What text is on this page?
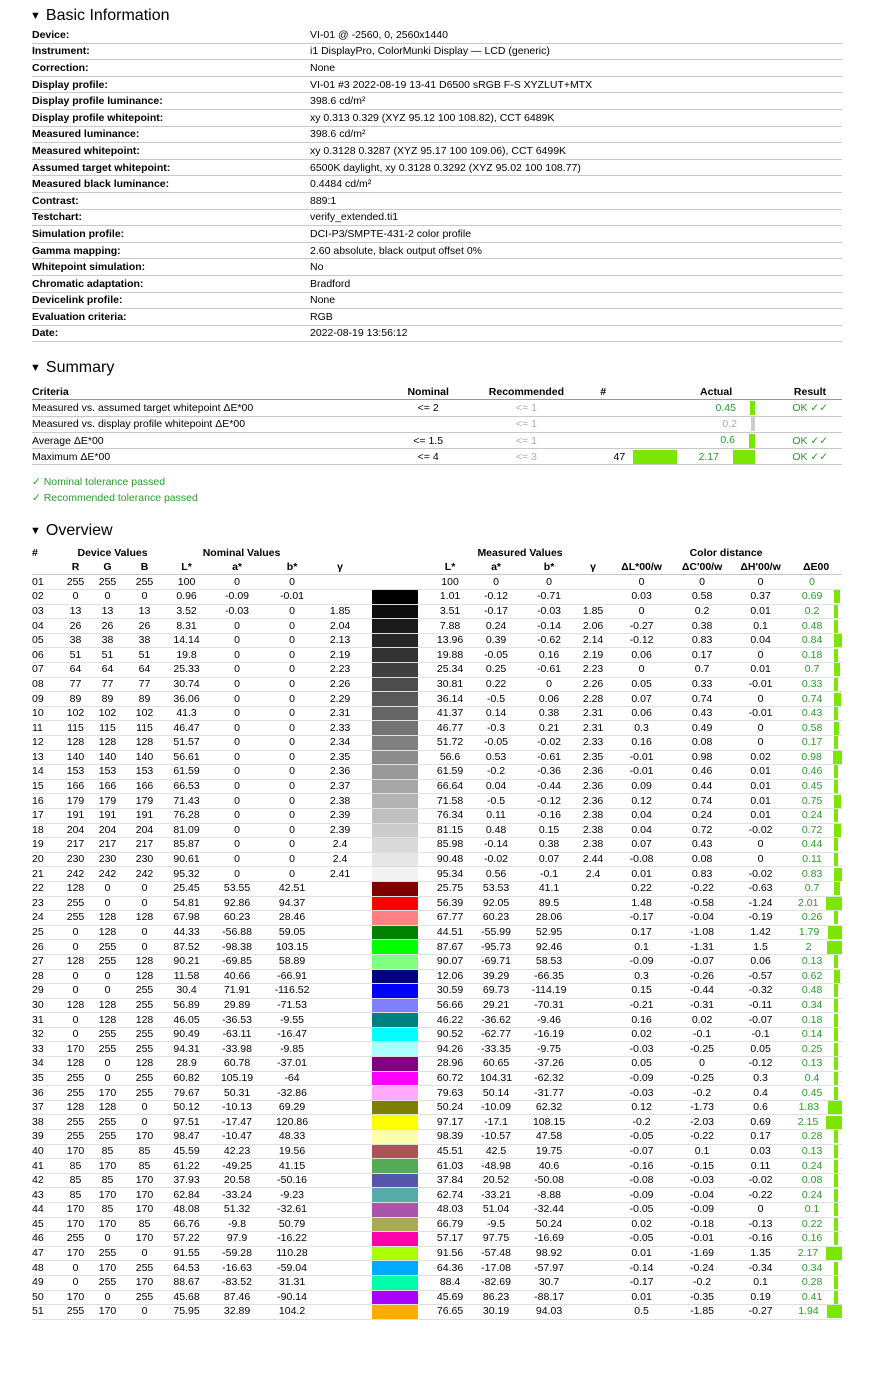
▼ Basic Information
Device:	VI-01 @ -2560, 0, 2560x1440
Instrument:	i1 DisplayPro, ColorMunki Display — LCD (generic)
Correction:	None
Display profile:	VI-01 #3 2022-08-19 13-41 D6500 sRGB F-S XYZLUT+MTX
Display profile luminance:	398.6 cd/m²
Display profile whitepoint:	xy 0.313 0.329 (XYZ 95.12 100 108.82), CCT 6489K
Measured luminance:	398.6 cd/m²
Measured whitepoint:	xy 0.3128 0.3287 (XYZ 95.17 100 109.06), CCT 6499K
Assumed target whitepoint:	6500K daylight, xy 0.3128 0.3292 (XYZ 95.02 100 108.77)
Measured black luminance:	0.4484 cd/m²
Contrast:	889:1
Testchart:	verify_extended.ti1
Simulation profile:	DCI-P3/SMPTE-431-2 color profile
Gamma mapping:	2.60 absolute, black output offset 0%
Whitepoint simulation:	No
Chromatic adaptation:	Bradford
Devicelink profile:	None
Evaluation criteria:	RGB
Date:	2022-08-19 13:56:12
▼ Summary
Criteria	Nominal	Recommended	#	Actual	Result
Measured vs. assumed target whitepoint ΔE*00	<= 2	<= 1		0.45	OK ✓✓
Measured vs. display profile whitepoint ΔE*00		<= 1		0.2	
Average ΔE*00	<= 1.5	<= 1		0.6	OK ✓✓
Maximum ΔE*00	<= 4	<= 3	47	2.17	OK ✓✓
✓ Nominal tolerance passed
✓ Recommended tolerance passed
▼ Overview
#	Device Values			Nominal Values					Measured Values				Color distance			
	R	G	B	L*	a*	b*	γ		L*	a*	b*	γ	ΔL*00/w	ΔC'00/w	ΔH'00/w	ΔE00
01	255	255	255	100	0	0			100	0	0		0	0	0	0

02	0	0	0	0.96	-0.09	-0.01			1.01	-0.12	-0.71		0.03	0.58	0.37	0.69

03	13	13	13	3.52	-0.03	0	1.85		3.51	-0.17	-0.03	1.85	0	0.2	0.01	0.2

04	26	26	26	8.31	0	0	2.04		7.88	0.24	-0.14	2.06	-0.27	0.38	0.1	0.48

05	38	38	38	14.14	0	0	2.13		13.96	0.39	-0.62	2.14	-0.12	0.83	0.04	0.84

06	51	51	51	19.8	0	0	2.19		19.88	-0.05	0.16	2.19	0.06	0.17	0	0.18

07	64	64	64	25.33	0	0	2.23		25.34	0.25	-0.61	2.23	0	0.7	0.01	0.7

08	77	77	77	30.74	0	0	2.26		30.81	0.22	0	2.26	0.05	0.33	-0.01	0.33

09	89	89	89	36.06	0	0	2.29		36.14	-0.5	0.06	2.28	0.07	0.74	0	0.74

10	102	102	102	41.3	0	0	2.31		41.37	0.14	0.38	2.31	0.06	0.43	-0.01	0.43

11	115	115	115	46.47	0	0	2.33		46.77	-0.3	0.21	2.31	0.3	0.49	0	0.58

12	128	128	128	51.57	0	0	2.34		51.72	-0.05	-0.02	2.33	0.16	0.08	0	0.17

13	140	140	140	56.61	0	0	2.35		56.6	0.53	-0.61	2.35	-0.01	0.98	0.02	0.98

14	153	153	153	61.59	0	0	2.36		61.59	-0.2	-0.36	2.36	-0.01	0.46	0.01	0.46

15	166	166	166	66.53	0	0	2.37		66.64	0.04	-0.44	2.36	0.09	0.44	0.01	0.45

16	179	179	179	71.43	0	0	2.38		71.58	-0.5	-0.12	2.36	0.12	0.74	0.01	0.75

17	191	191	191	76.28	0	0	2.39		76.34	0.11	-0.16	2.38	0.04	0.24	0.01	0.24

18	204	204	204	81.09	0	0	2.39		81.15	0.48	0.15	2.38	0.04	0.72	-0.02	0.72

19	217	217	217	85.87	0	0	2.4		85.98	-0.14	0.38	2.38	0.07	0.43	0	0.44

20	230	230	230	90.61	0	0	2.4		90.48	-0.02	0.07	2.44	-0.08	0.08	0	0.11

21	242	242	242	95.32	0	0	2.41		95.34	0.56	-0.1	2.4	0.01	0.83	-0.02	0.83

22	128	0	0	25.45	53.55	42.51			25.75	53.53	41.1		0.22	-0.22	-0.63	0.7

23	255	0	0	54.81	92.86	94.37			56.39	92.05	89.5		1.48	-0.58	-1.24	2.01

24	255	128	128	67.98	60.23	28.46			67.77	60.23	28.06		-0.17	-0.04	-0.19	0.26

25	0	128	0	44.33	-56.88	59.05			44.51	-55.99	52.95		0.17	-1.08	1.42	1.79

26	0	255	0	87.52	-98.38	103.15			87.67	-95.73	92.46		0.1	-1.31	1.5	2

27	128	255	128	90.21	-69.85	58.89			90.07	-69.71	58.53		-0.09	-0.07	0.06	0.13

28	0	0	128	11.58	40.66	-66.91			12.06	39.29	-66.35		0.3	-0.26	-0.57	0.62

29	0	0	255	30.4	71.91	-116.52			30.59	69.73	-114.19		0.15	-0.44	-0.32	0.48

30	128	128	255	56.89	29.89	-71.53			56.66	29.21	-70.31		-0.21	-0.31	-0.11	0.34

31	0	128	128	46.05	-36.53	-9.55			46.22	-36.62	-9.46		0.16	0.02	-0.07	0.18

32	0	255	255	90.49	-63.11	-16.47			90.52	-62.77	-16.19		0.02	-0.1	-0.1	0.14

33	170	255	255	94.31	-33.98	-9.85			94.26	-33.35	-9.75		-0.03	-0.25	0.05	0.25

34	128	0	128	28.9	60.78	-37.01			28.96	60.65	-37.26		0.05	0	-0.12	0.13

35	255	0	255	60.82	105.19	-64			60.72	104.31	-62.32		-0.09	-0.25	0.3	0.4

36	255	170	255	79.67	50.31	-32.86			79.63	50.14	-31.77		-0.03	-0.2	0.4	0.45

37	128	128	0	50.12	-10.13	69.29			50.24	-10.09	62.32		0.12	-1.73	0.6	1.83

38	255	255	0	97.51	-17.47	120.86			97.17	-17.1	108.15		-0.2	-2.03	0.69	2.15

39	255	255	170	98.47	-10.47	48.33			98.39	-10.57	47.58		-0.05	-0.22	0.17	0.28

40	170	85	85	45.59	42.23	19.56			45.51	42.5	19.75		-0.07	0.1	0.03	0.13

41	85	170	85	61.22	-49.25	41.15			61.03	-48.98	40.6		-0.16	-0.15	0.11	0.24

42	85	85	170	37.93	20.58	-50.16			37.84	20.52	-50.08		-0.08	-0.03	-0.02	0.08

43	85	170	170	62.84	-33.24	-9.23			62.74	-33.21	-8.88		-0.09	-0.04	-0.22	0.24

44	170	85	170	48.08	51.32	-32.61			48.03	51.04	-32.44		-0.05	-0.09	0	0.1

45	170	170	85	66.76	-9.8	50.79			66.79	-9.5	50.24		0.02	-0.18	-0.13	0.22

46	255	0	170	57.22	97.9	-16.22			57.17	97.75	-16.69		-0.05	-0.01	-0.16	0.16

47	170	255	0	91.55	-59.28	110.28			91.56	-57.48	98.92		0.01	-1.69	1.35	2.17

48	0	170	255	64.53	-16.63	-59.04			64.36	-17.08	-57.97		-0.14	-0.24	-0.34	0.34

49	0	255	170	88.67	-83.52	31.31			88.4	-82.69	30.7		-0.17	-0.2	0.1	0.28

50	170	0	255	45.68	87.46	-90.14			45.69	86.23	-88.17		0.01	-0.35	0.19	0.41

51	255	170	0	75.95	32.89	104.2			76.65	30.19	94.03		0.5	-1.85	-0.27	1.94
